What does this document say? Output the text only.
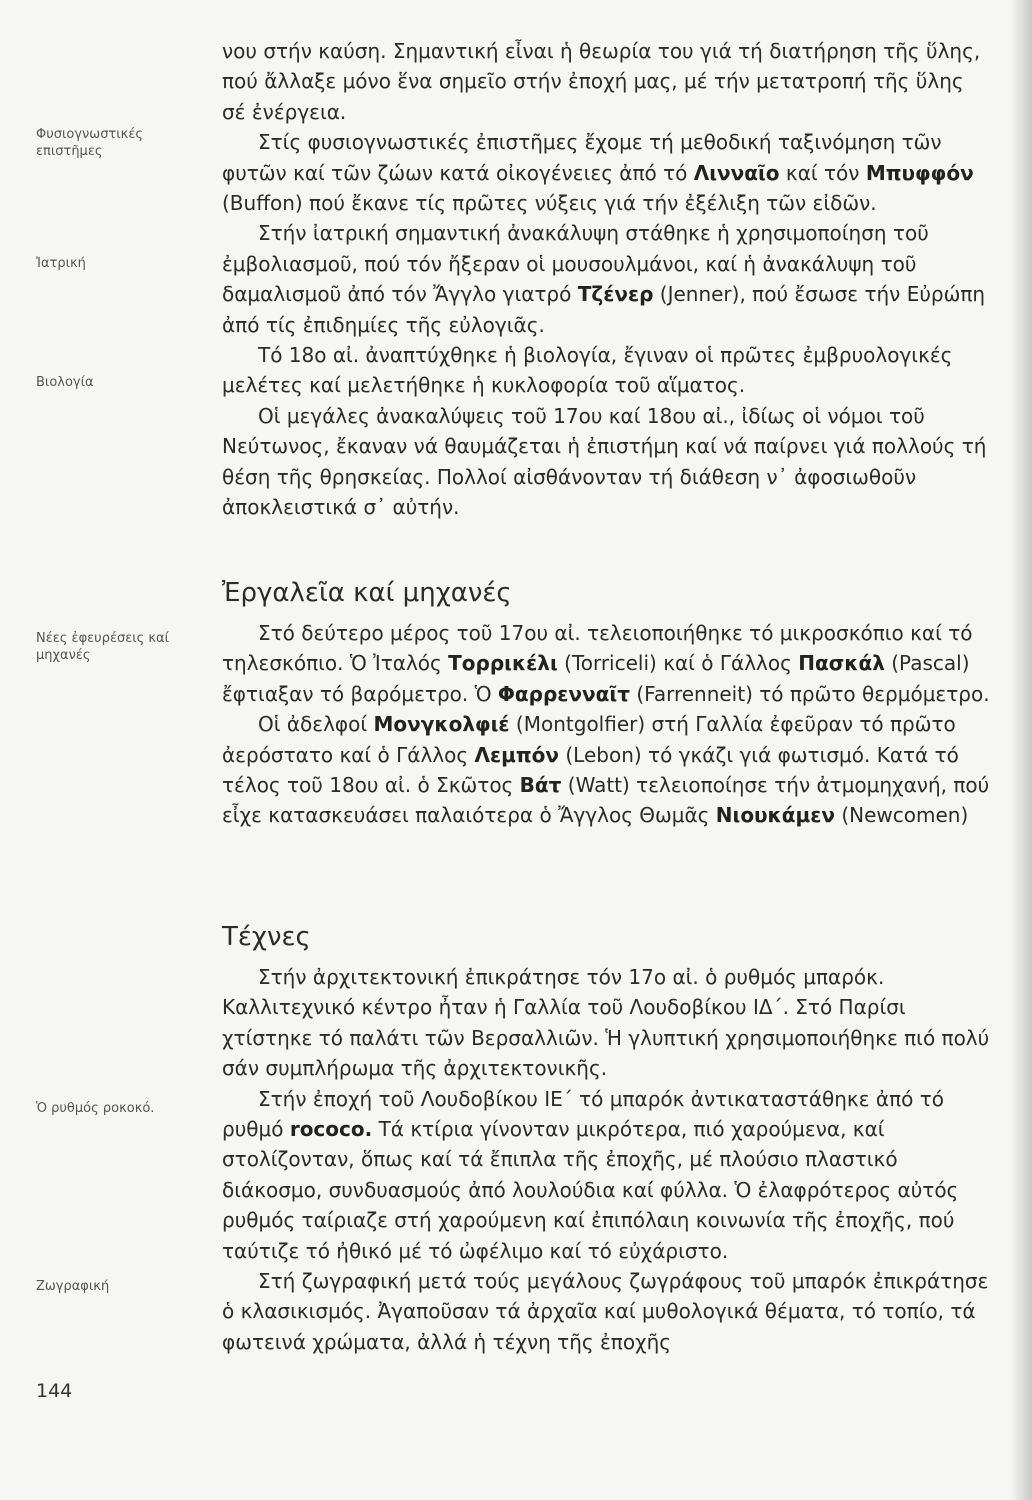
Φυσιογνωστικές επιστῆμες
Ἰατρική
Βιολογία
Νέες ἐφευρέσεις καί μηχανές
Ὁ ρυθμός ροκοκό.
Ζωγραφική
144

νου στήν καύση. Σημαντική εἶναι ἡ θεωρία του γιά τή διατήρηση τῆς ὕλης, πού ἄλλαξε μόνο ἕνα σημεῖο στήν ἐποχή μας, μέ τήν μετατροπή τῆς ὕλης σέ ἐνέργεια.

Στίς φυσιογνωστικές ἐπιστῆμες ἔχομε τή μεθοδική ταξινόμηση τῶν φυτῶν καί τῶν ζώων κατά οἰκογένειες ἀπό τό Λινναῖο καί τόν Μπυφφόν (Buffon) πού ἔκανε τίς πρῶτες νύξεις γιά τήν ἐξέλιξη τῶν εἰδῶν.

Στήν ἰατρική σημαντική ἀνακάλυψη στάθηκε ἡ χρησιμοποίηση τοῦ ἐμβολιασμοῦ, πού τόν ἤξεραν οἱ μουσουλμάνοι, καί ἡ ἀνακάλυψη τοῦ δαμαλισμοῦ ἀπό τόν Ἄγγλο γιατρό Τζένερ (Jenner), πού ἔσωσε τήν Εὐρώπη ἀπό τίς ἐπιδημίες τῆς εὐλογιᾶς.

Τό 18ο αἰ. ἀναπτύχθηκε ἡ βιολογία, ἔγιναν οἱ πρῶτες ἐμβρυολογικές μελέτες καί μελετήθηκε ἡ κυκλοφορία τοῦ αἵματος.

Οἱ μεγάλες ἀνακαλύψεις τοῦ 17ου καί 18ου αἰ., ἰδίως οἱ νόμοι τοῦ Νεύτωνος, ἔκαναν νά θαυμάζεται ἡ ἐπιστήμη καί νά παίρνει γιά πολλούς τή θέση τῆς θρησκείας. Πολλοί αἰσθάνονταν τή διάθεση ν᾽ ἀφοσιωθοῦν ἀποκλειστικά σ᾽ αὐτήν.

Ἐργαλεῖα καί μηχανές

Στό δεύτερο μέρος τοῦ 17ου αἰ. τελειοποιήθηκε τό μικροσκόπιο καί τό τηλεσκόπιο. Ὁ Ἰταλός Τορρικέλι (Torriceli) καί ὁ Γάλλος Πασκάλ (Pascal) ἔφτιαξαν τό βαρόμετρο. Ὁ Φαρρενναῖτ (Farrenneit) τό πρῶτο θερμόμετρο.

Οἱ ἀδελφοί Μονγκολφιέ (Montgolfier) στή Γαλλία ἐφεῦραν τό πρῶτο ἀερόστατο καί ὁ Γάλλος Λεμπόν (Lebon) τό γκάζι γιά φωτισμό. Κατά τό τέλος τοῦ 18ου αἰ. ὁ Σκῶτος Βάτ (Watt) τελειοποίησε τήν ἀτμομηχανή, πού εἶχε κατασκευάσει παλαιότερα ὁ Ἄγγλος Θωμᾶς Νιουκάμεν (Newcomen)

Τέχνες

Στήν ἀρχιτεκτονική ἐπικράτησε τόν 17ο αἰ. ὁ ρυθμός μπαρόκ. Καλλιτεχνικό κέντρο ἦταν ἡ Γαλλία τοῦ Λουδοβίκου ΙΔ΄. Στό Παρίσι χτίστηκε τό παλάτι τῶν Βερσαλλιῶν. Ἡ γλυπτική χρησιμοποιήθηκε πιό πολύ σάν συμπλήρωμα τῆς ἀρχιτεκτονικῆς.

Στήν ἐποχή τοῦ Λουδοβίκου ΙΕ΄ τό μπαρόκ ἀντικαταστάθηκε ἀπό τό ρυθμό rococo. Τά κτίρια γίνονταν μικρότερα, πιό χαρούμενα, καί στολίζονταν, ὅπως καί τά ἔπιπλα τῆς ἐποχῆς, μέ πλούσιο πλαστικό διάκοσμο, συνδυασμούς ἀπό λουλούδια καί φύλλα. Ὁ ἐλαφρότερος αὐτός ρυθμός ταίριαζε στή χαρούμενη καί ἐπιπόλαιη κοινωνία τῆς ἐποχῆς, πού ταύτιζε τό ἠθικό μέ τό ὠφέλιμο καί τό εὐχάριστο.

Στή ζωγραφική μετά τούς μεγάλους ζωγράφους τοῦ μπαρόκ ἐπικράτησε ὁ κλασικισμός. Ἀγαποῦσαν τά ἀρχαῖα καί μυθολογικά θέματα, τό τοπίο, τά φωτεινά χρώματα, ἀλλά ἡ τέχνη τῆς ἐποχῆς
